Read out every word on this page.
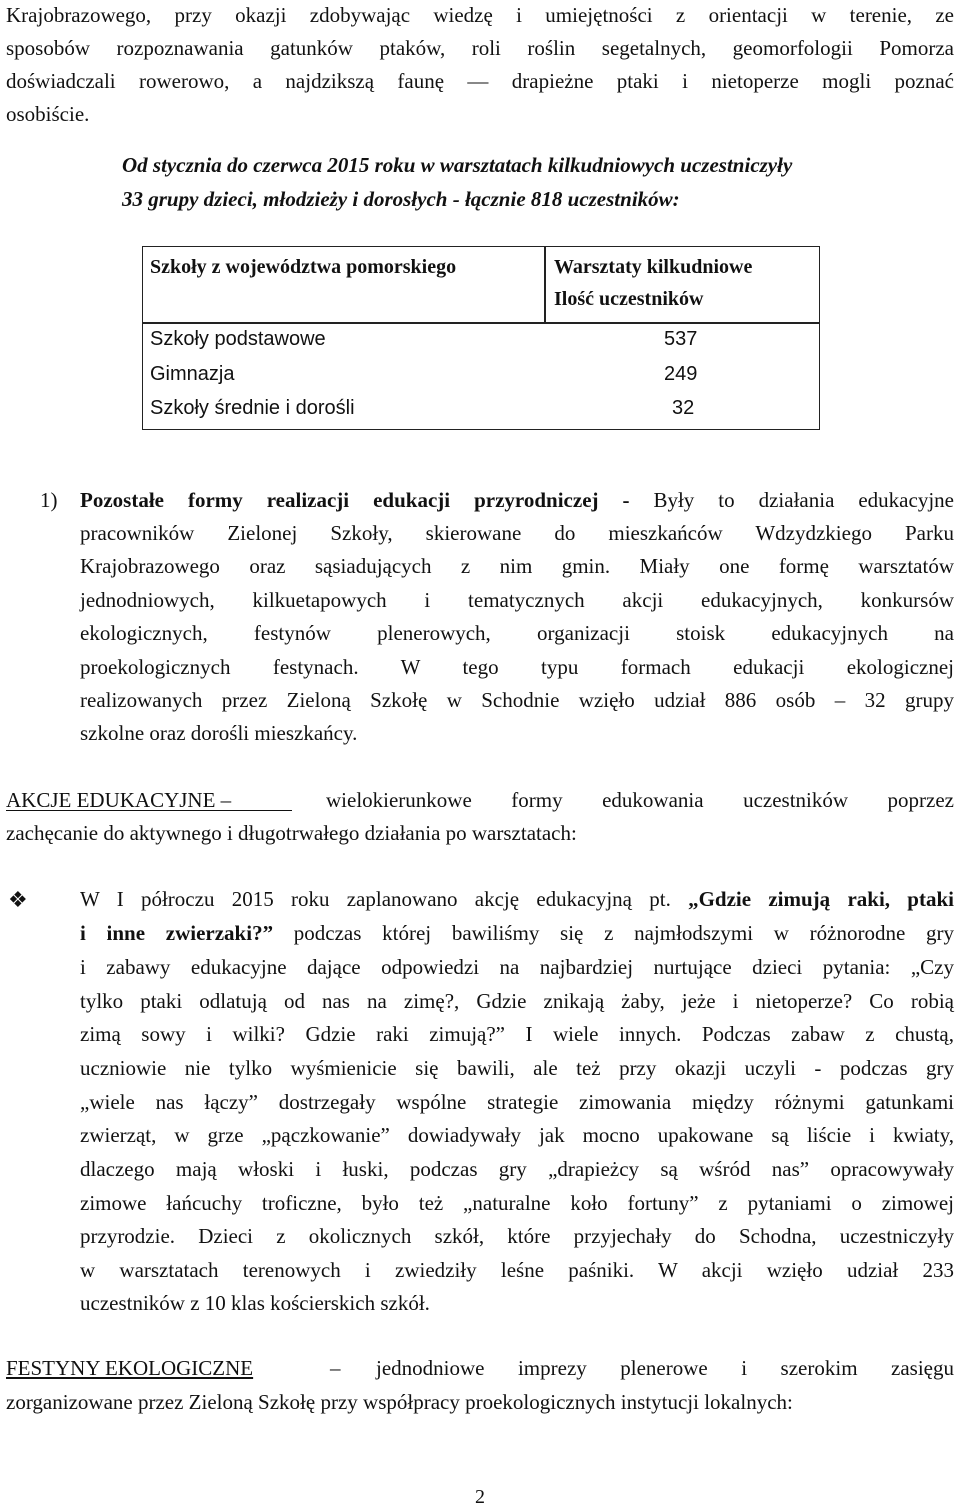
Krajobrazowego, przy okazji zdobywając wiedzę i umiejętności z orientacji w terenie, ze
sposobów rozpoznawania gatunków ptaków, roli roślin segetalnych, geomorfologii Pomorza
doświadczali rowerowo, a najdzikszą faunę — drapieżne ptaki i nietoperze mogli poznać
osobiście.
Od stycznia do czerwca 2015 roku w warsztatach kilkudniowych uczestniczyły
33 grupy dzieci, młodzieży i dorosłych - łącznie 818 uczestników:
Szkoły z województwa pomorskiego	Warsztaty kilkudniowe
Ilość uczestników
Szkoły podstawowe	537
Gimnazja	249
Szkoły średnie i dorośli	32
1) Pozostałe formy realizacji edukacji przyrodniczej - Były to działania edukacyjne
pracowników Zielonej Szkoły, skierowane do mieszkańców Wdzydzkiego Parku
Krajobrazowego oraz sąsiadujących z nim gmin. Miały one formę warsztatów
jednodniowych, kilkuetapowych i tematycznych akcji edukacyjnych, konkursów
ekologicznych, festynów plenerowych, organizacji stoisk edukacyjnych na
proekologicznych festynach. W tego typu formach edukacji ekologicznej
realizowanych przez Zieloną Szkołę w Schodnie wzięło udział 886 osób – 32 grupy
szkolne oraz dorośli mieszkańcy.
AKCJE EDUKACYJNE –	wielokierunkowe formy edukowania uczestników poprzez
zachęcanie do aktywnego i długotrwałego działania po warsztatach:
❖ W I półroczu 2015 roku zaplanowano akcję edukacyjną pt. „Gdzie zimują raki, ptaki
i inne zwierzaki?” podczas której bawiliśmy się z najmłodszymi w różnorodne gry
i zabawy edukacyjne dające odpowiedzi na najbardziej nurtujące dzieci pytania: „Czy
tylko ptaki odlatują od nas na zimę?, Gdzie znikają żaby, jeże i nietoperze? Co robią
zimą sowy i wilki? Gdzie raki zimują?” I wiele innych. Podczas zabaw z chustą,
uczniowie nie tylko wyśmienicie się bawili, ale też przy okazji uczyli - podczas gry
„wiele nas łączy” dostrzegały wspólne strategie zimowania między różnymi gatunkami
zwierząt, w grze „pączkowanie” dowiadywały jak mocno upakowane są liście i kwiaty,
dlaczego mają włoski i łuski, podczas gry „drapieżcy są wśród nas” opracowywały
zimowe łańcuchy troficzne, było też „naturalne koło fortuny” z pytaniami o zimowej
przyrodzie. Dzieci z okolicznych szkół, które przyjechały do Schodna, uczestniczyły
w warsztatach terenowych i zwiedziły leśne paśniki. W akcji wzięło udział 233
uczestników z 10 klas kościerskich szkół.
FESTYNY EKOLOGICZNE	– jednodniowe imprezy plenerowe i szerokim zasięgu
zorganizowane przez Zieloną Szkołę przy współpracy proekologicznych instytucji lokalnych:
2
